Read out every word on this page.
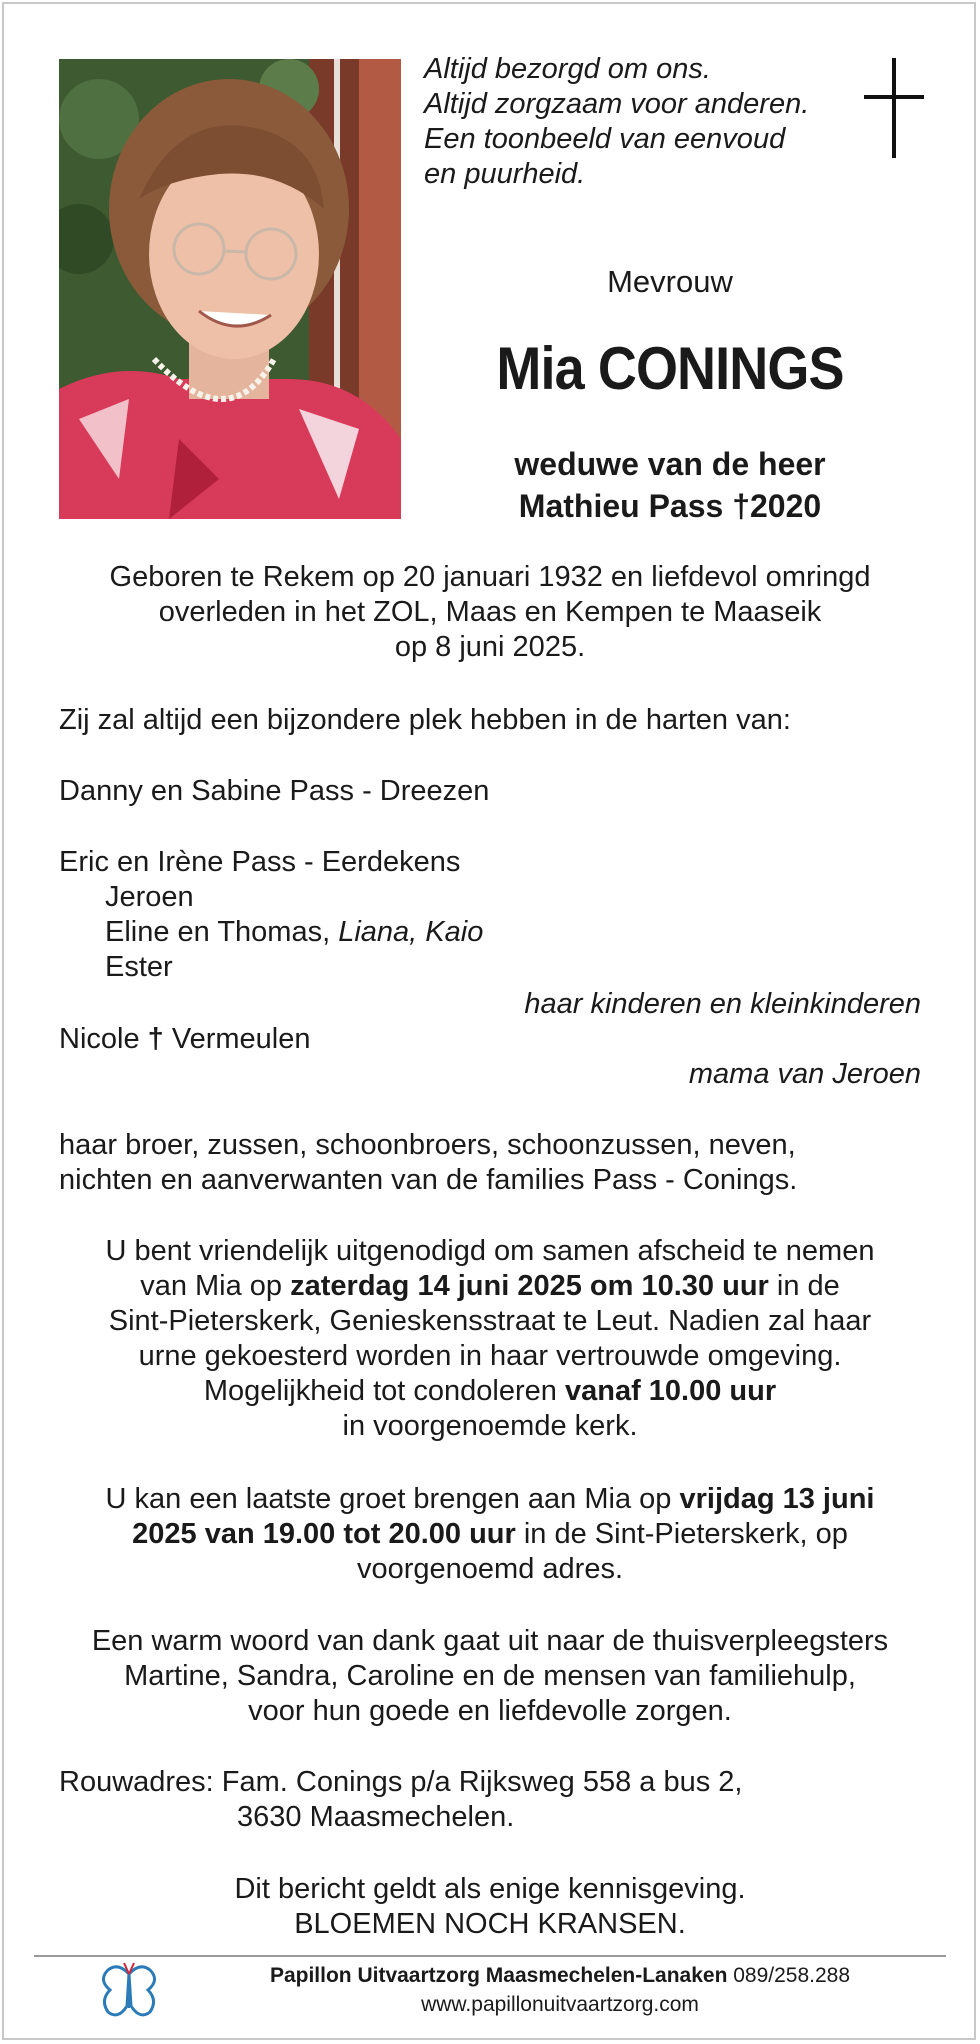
Altijd bezorgd om ons.
Altijd zorgzaam voor anderen.
Een toonbeeld van eenvoud
en puurheid.
Mevrouw
Mia CONINGS
weduwe van de heer
Mathieu Pass †2020
Geboren te Rekem op 20 januari 1932 en liefdevol omringd
overleden in het ZOL, Maas en Kempen te Maaseik
op 8 juni 2025.
Zij zal altijd een bijzondere plek hebben in de harten van:
Danny en Sabine Pass - Dreezen
Eric en Irène Pass - Eerdekens
Jeroen
Eline en Thomas, Liana, Kaio
Ester
haar kinderen en kleinkinderen
Nicole † Vermeulen
mama van Jeroen
haar broer, zussen, schoonbroers, schoonzussen, neven,
nichten en aanverwanten van de families Pass - Conings.
U bent vriendelijk uitgenodigd om samen afscheid te nemen
van Mia op zaterdag 14 juni 2025 om 10.30 uur in de
Sint-Pieterskerk, Genieskensstraat te Leut. Nadien zal haar
urne gekoesterd worden in haar vertrouwde omgeving.
Mogelijkheid tot condoleren vanaf 10.00 uur
in voorgenoemde kerk.
U kan een laatste groet brengen aan Mia op vrijdag 13 juni
2025 van 19.00 tot 20.00 uur in de Sint-Pieterskerk, op
voorgenoemd adres.
Een warm woord van dank gaat uit naar de thuisverpleegsters
Martine, Sandra, Caroline en de mensen van familiehulp,
voor hun goede en liefdevolle zorgen.
Rouwadres: Fam. Conings p/a Rijksweg 558 a bus 2,
3630 Maasmechelen.
Dit bericht geldt als enige kennisgeving.
BLOEMEN NOCH KRANSEN.
Papillon Uitvaartzorg Maasmechelen-Lanaken 089/258.288
www.papillonuitvaartzorg.com
